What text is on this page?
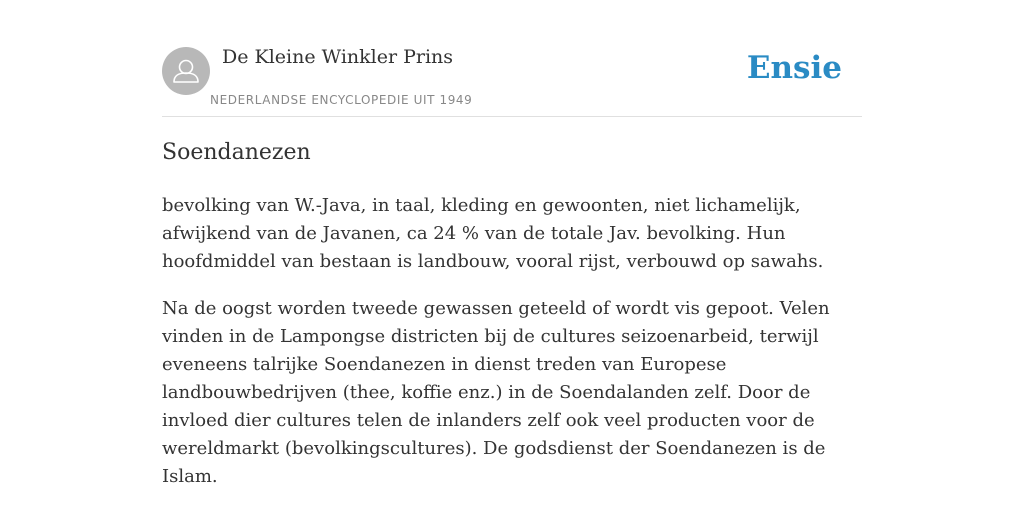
De Kleine Winkler Prins
NEDERLANDSE ENCYCLOPEDIE UIT 1949
Ensie
Soendanezen

bevolking van W.-Java, in taal, kleding en gewoonten, niet lichamelijk, afwijkend van de Javanen, ca 24 % van de totale Jav. bevolking. Hun hoofdmiddel van bestaan is landbouw, vooral rijst, verbouwd op sawahs.

Na de oogst worden tweede gewassen geteeld of wordt vis gepoot. Velen vinden in de Lampongse districten bij de cultures seizoenarbeid, terwijl eveneens talrijke Soendanezen in dienst treden van Europese landbouwbedrijven (thee, koffie enz.) in de Soendalanden zelf. Door de invloed dier cultures telen de inlanders zelf ook veel producten voor de wereldmarkt (bevolkingscultures). De godsdienst der Soendanezen is de Islam.
